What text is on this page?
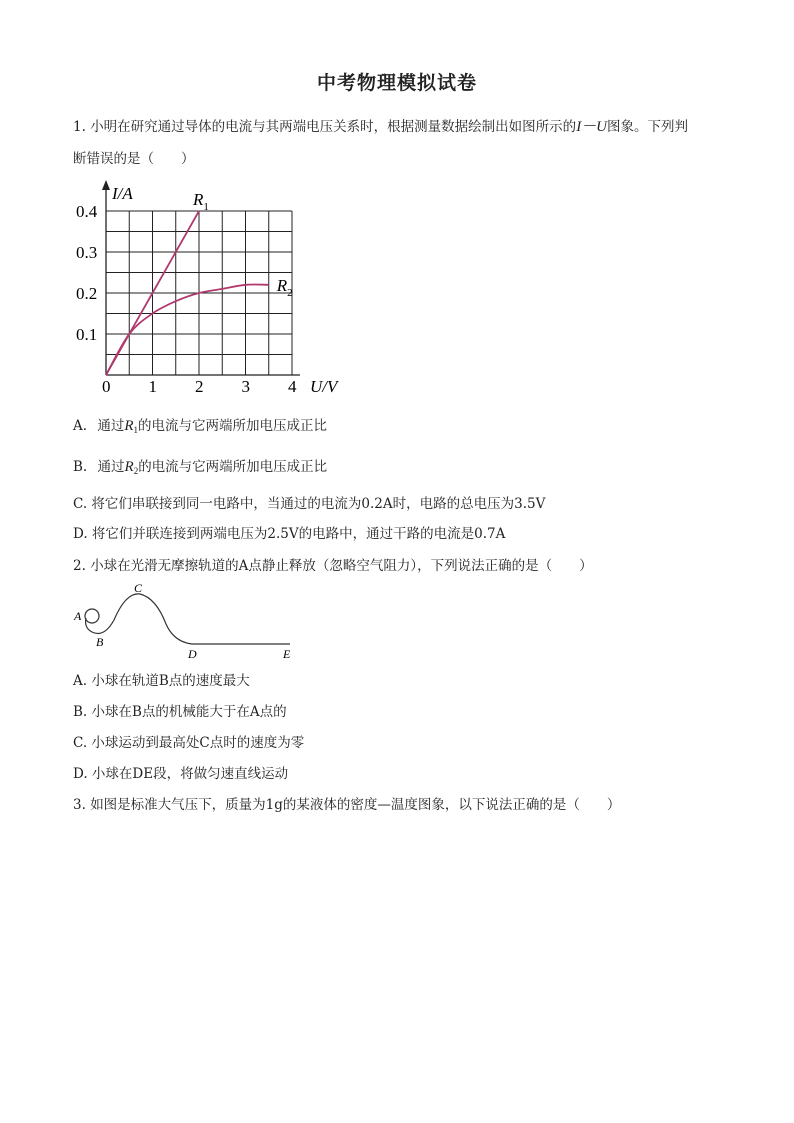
中考物理模拟试卷
1. 小明在研究通过导体的电流与其两端电压关系时，根据测量数据绘制出如图所示的I－U图象。下列判
断错误的是（　　）
0 1 2 3 4
0.1
0.2
0.3
0.4
I/A
U/V
$R_1$
$R_2$
A. 通过$R_1$的电流与它两端所加电压成正比
B. 通过$R_2$的电流与它两端所加电压成正比
C. 将它们串联接到同一电路中，当通过的电流为0.2A时，电路的总电压为3.5V
D. 将它们并联连接到两端电压为2.5V的电路中，通过干路的电流是0.7A
2. 小球在光滑无摩擦轨道的A点静止释放（忽略空气阻力），下列说法正确的是（　　）
A
B
C
D	E
A. 小球在轨道B点的速度最大
B. 小球在B点的机械能大于在A点的
C. 小球运动到最高处C点时的速度为零
D. 小球在DE段，将做匀速直线运动
3. 如图是标准大气压下，质量为1g的某液体的密度—温度图象，以下说法正确的是（　　）
